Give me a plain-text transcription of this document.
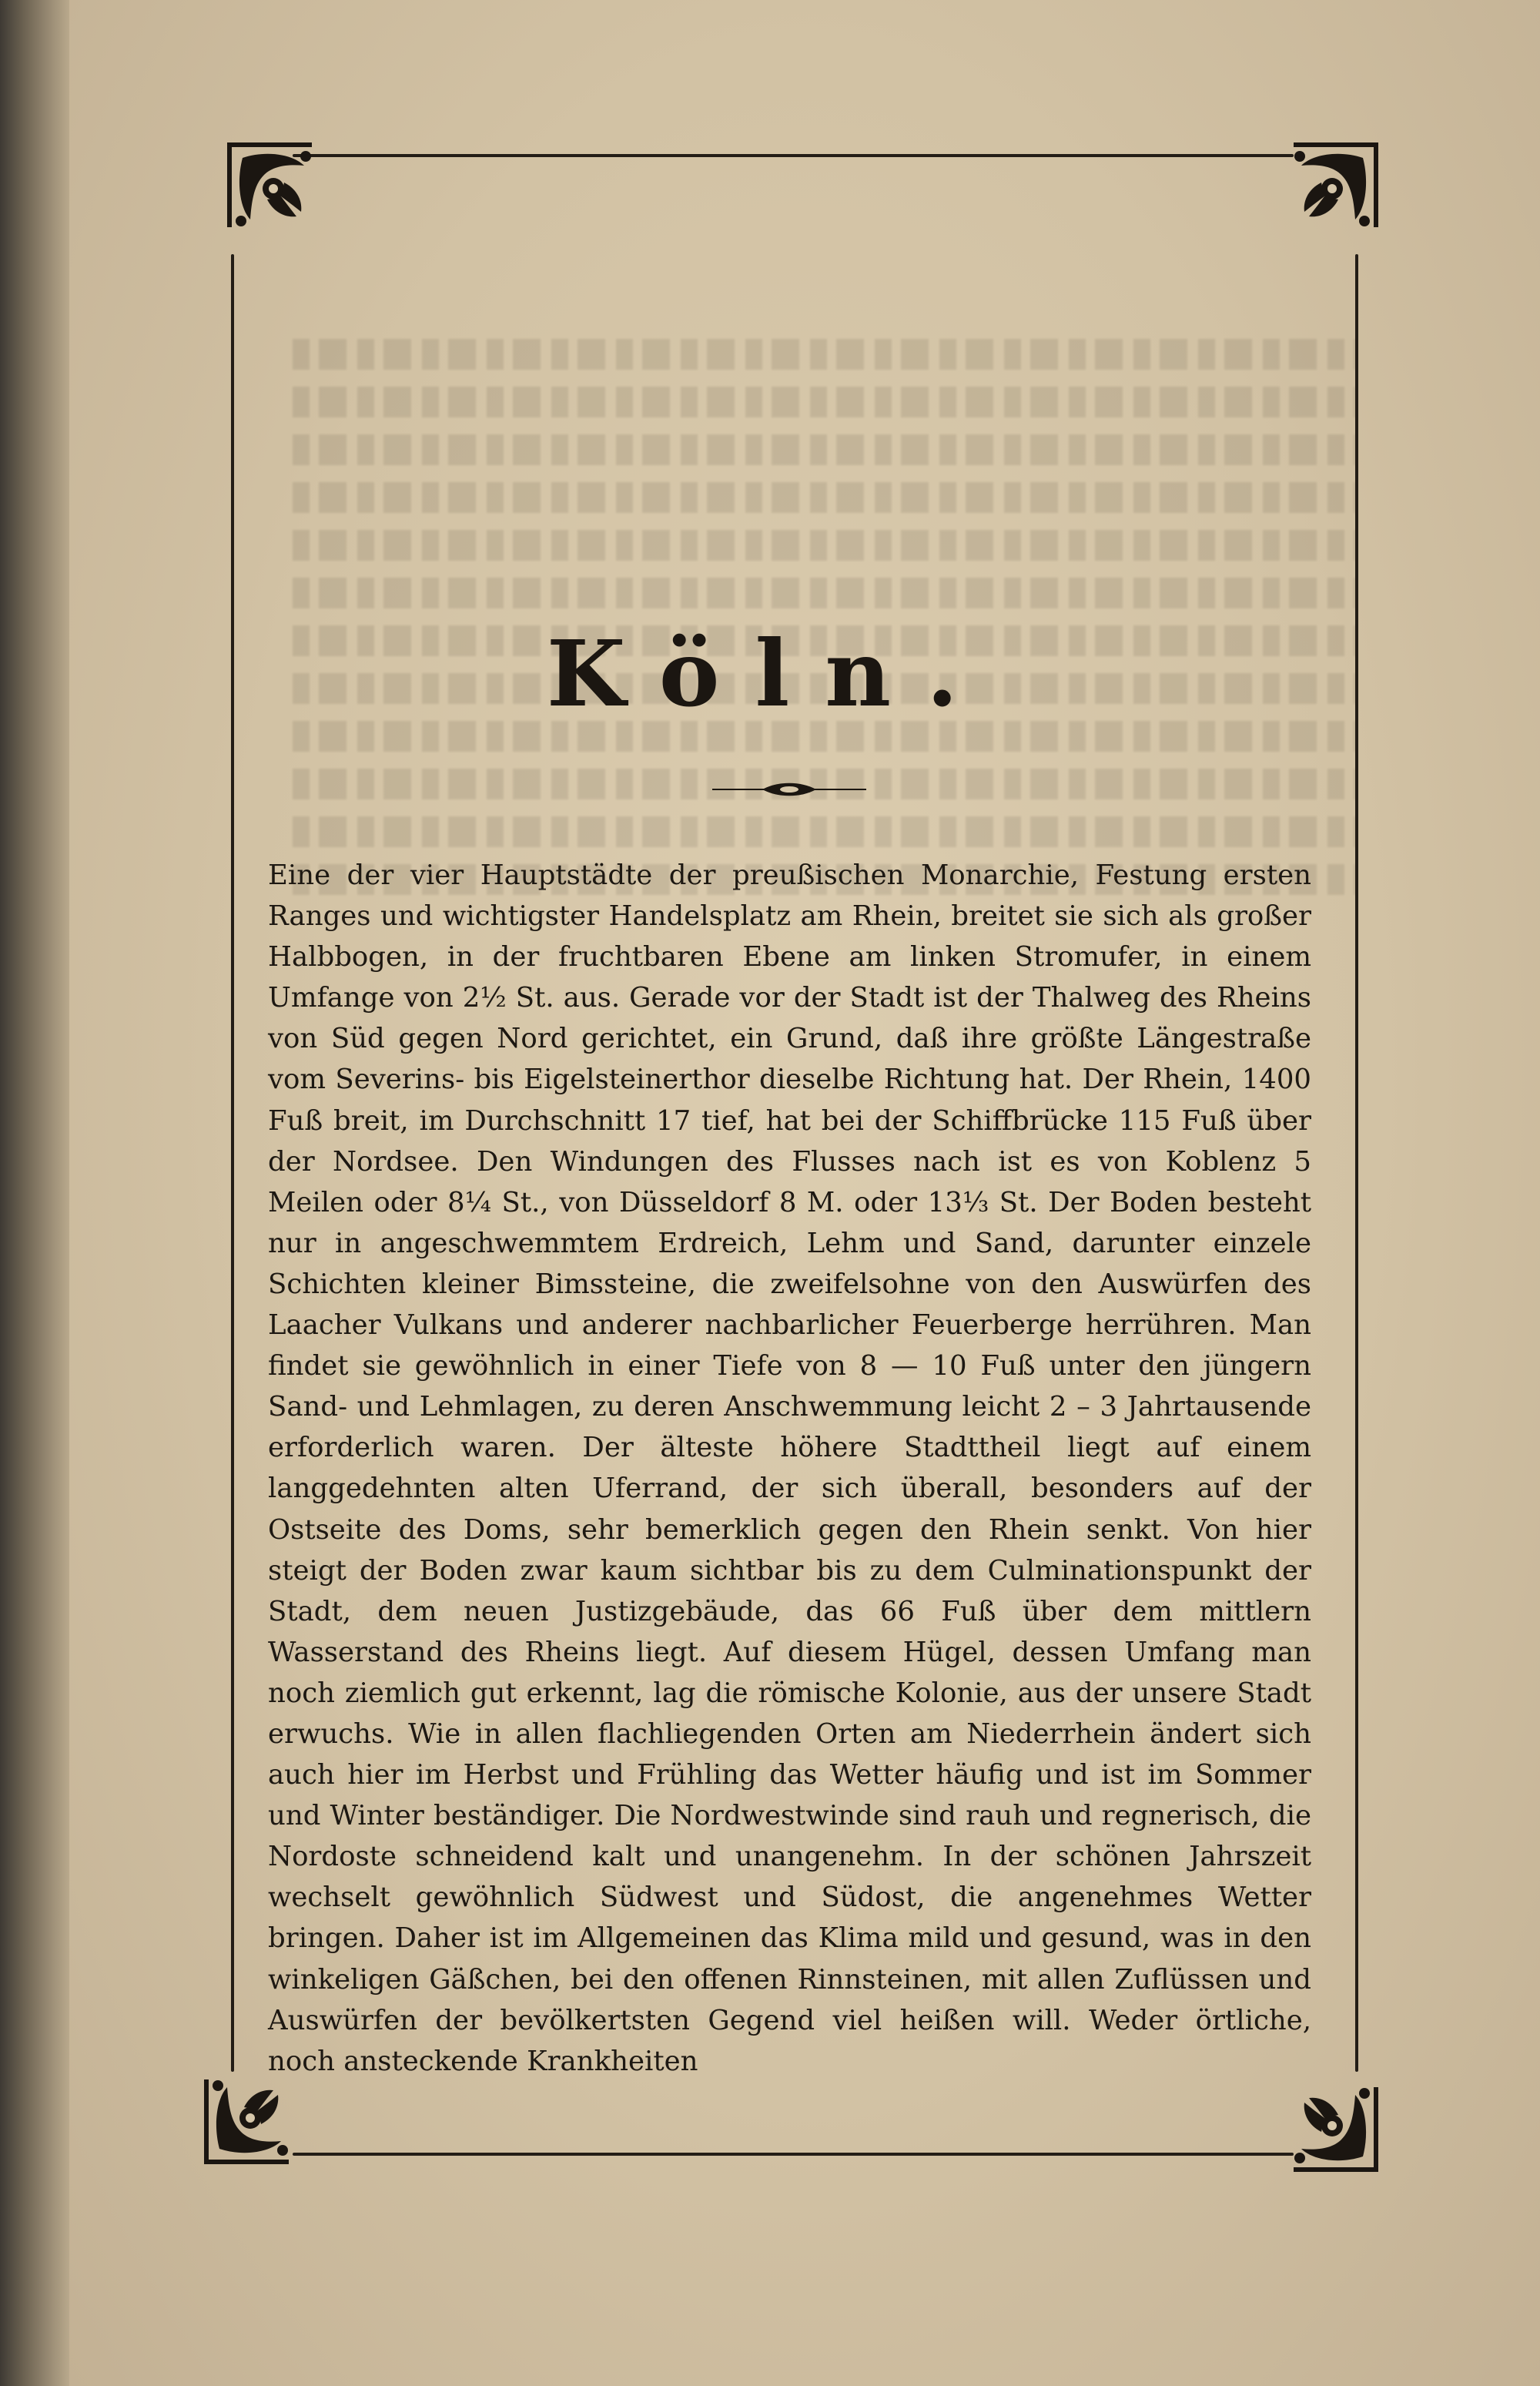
Köln.

Eine der vier Hauptstädte der preußischen Monarchie, Festung ersten Ranges und wichtigster Handelsplatz am Rhein, breitet sie sich als großer Halbbogen, in der fruchtbaren Ebene am linken Stromufer, in einem Umfange von 2½ St. aus. Gerade vor der Stadt ist der Thalweg des Rheins von Süd gegen Nord gerichtet, ein Grund, daß ihre größte Längestraße vom Severins- bis Eigelsteinerthor dieselbe Richtung hat. Der Rhein, 1400 Fuß breit, im Durchschnitt 17 tief, hat bei der Schiffbrücke 115 Fuß über der Nordsee. Den Windungen des Flusses nach ist es von Koblenz 5 Meilen oder 8¼ St., von Düsseldorf 8 M. oder 13⅓ St. Der Boden besteht nur in angeschwemmtem Erdreich, Lehm und Sand, darunter einzele Schichten kleiner Bimssteine, die zweifelsohne von den Auswürfen des Laacher Vulkans und anderer nachbarlicher Feuerberge herrühren. Man findet sie gewöhnlich in einer Tiefe von 8 — 10 Fuß unter den jüngern Sand- und Lehmlagen, zu deren Anschwemmung leicht 2 – 3 Jahrtausende erforderlich waren. Der älteste höhere Stadttheil liegt auf einem langgedehnten alten Uferrand, der sich überall, besonders auf der Ostseite des Doms, sehr bemerklich gegen den Rhein senkt. Von hier steigt der Boden zwar kaum sichtbar bis zu dem Culminationspunkt der Stadt, dem neuen Justizgebäude, das 66 Fuß über dem mittlern Wasserstand des Rheins liegt. Auf diesem Hügel, dessen Umfang man noch ziemlich gut erkennt, lag die römische Kolonie, aus der unsere Stadt erwuchs. Wie in allen flachliegenden Orten am Niederrhein ändert sich auch hier im Herbst und Frühling das Wetter häufig und ist im Sommer und Winter beständiger. Die Nordwestwinde sind rauh und regnerisch, die Nordoste schneidend kalt und unangenehm. In der schönen Jahrszeit wechselt gewöhnlich Südwest und Südost, die angenehmes Wetter bringen. Daher ist im Allgemeinen das Klima mild und gesund, was in den winkeligen Gäßchen, bei den offenen Rinnsteinen, mit allen Zuflüssen und Auswürfen der bevölkertsten Gegend viel heißen will. Weder örtliche, noch ansteckende Krankheiten
